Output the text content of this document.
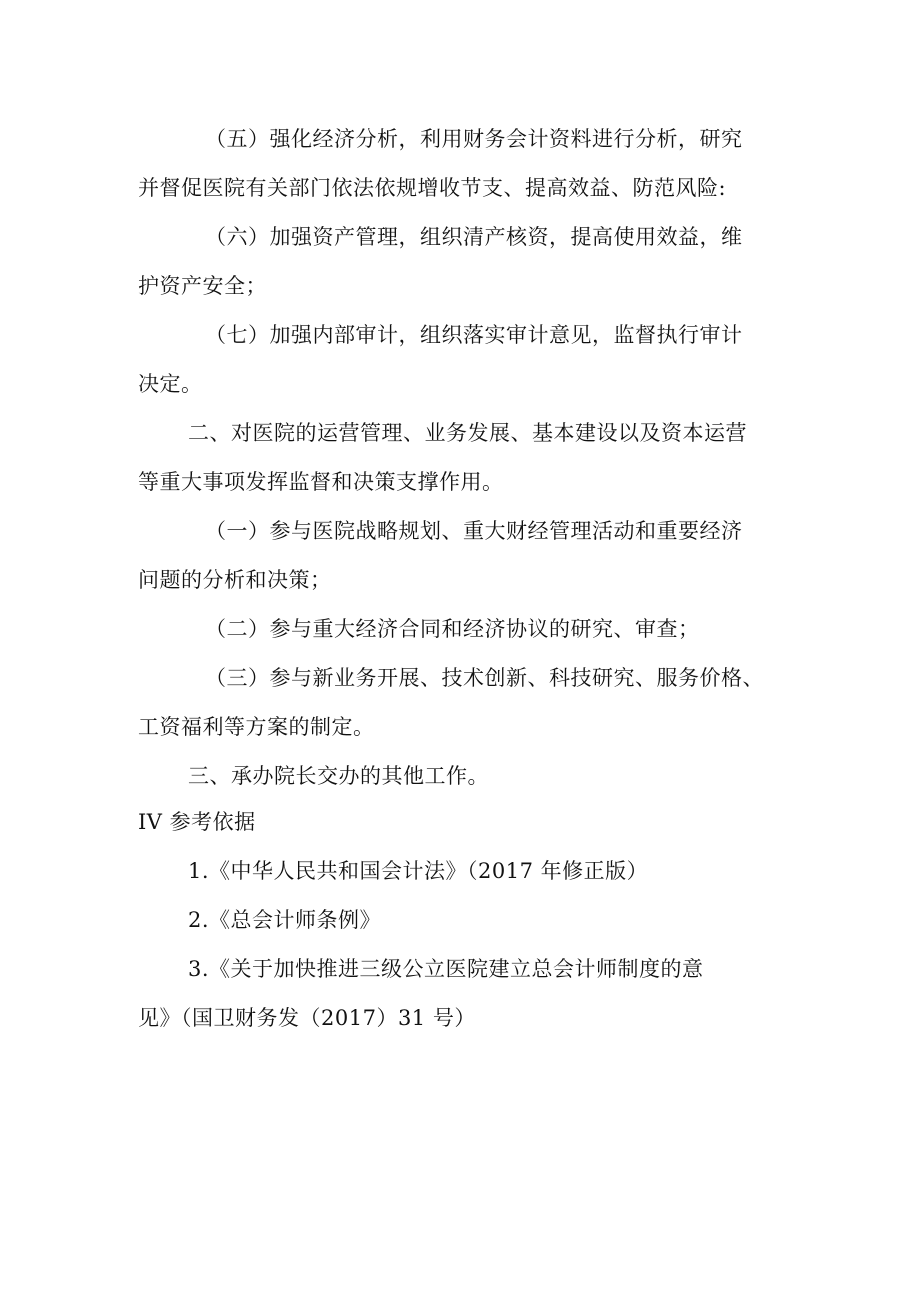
（五）强化经济分析，利用财务会计资料进行分析，研究
并督促医院有关部门依法依规增收节支、提高效益、防范风险:
（六）加强资产管理，组织清产核资，提高使用效益，维
护资产安全；
（七）加强内部审计，组织落实审计意见，监督执行审计
决定。
二、对医院的运营管理、业务发展、基本建设以及资本运营
等重大事项发挥监督和决策支撑作用。
（一）参与医院战略规划、重大财经管理活动和重要经济
问题的分析和决策；
（二）参与重大经济合同和经济协议的研究、审查；
（三）参与新业务开展、技术创新、科技研究、服务价格、
工资福利等方案的制定。
三、承办院长交办的其他工作。
IV 参考依据
1.《中华人民共和国会计法》（2017 年修正版）
2.《总会计师条例》
3.《关于加快推进三级公立医院建立总会计师制度的意
见》（国卫财务发（2017）31 号）
